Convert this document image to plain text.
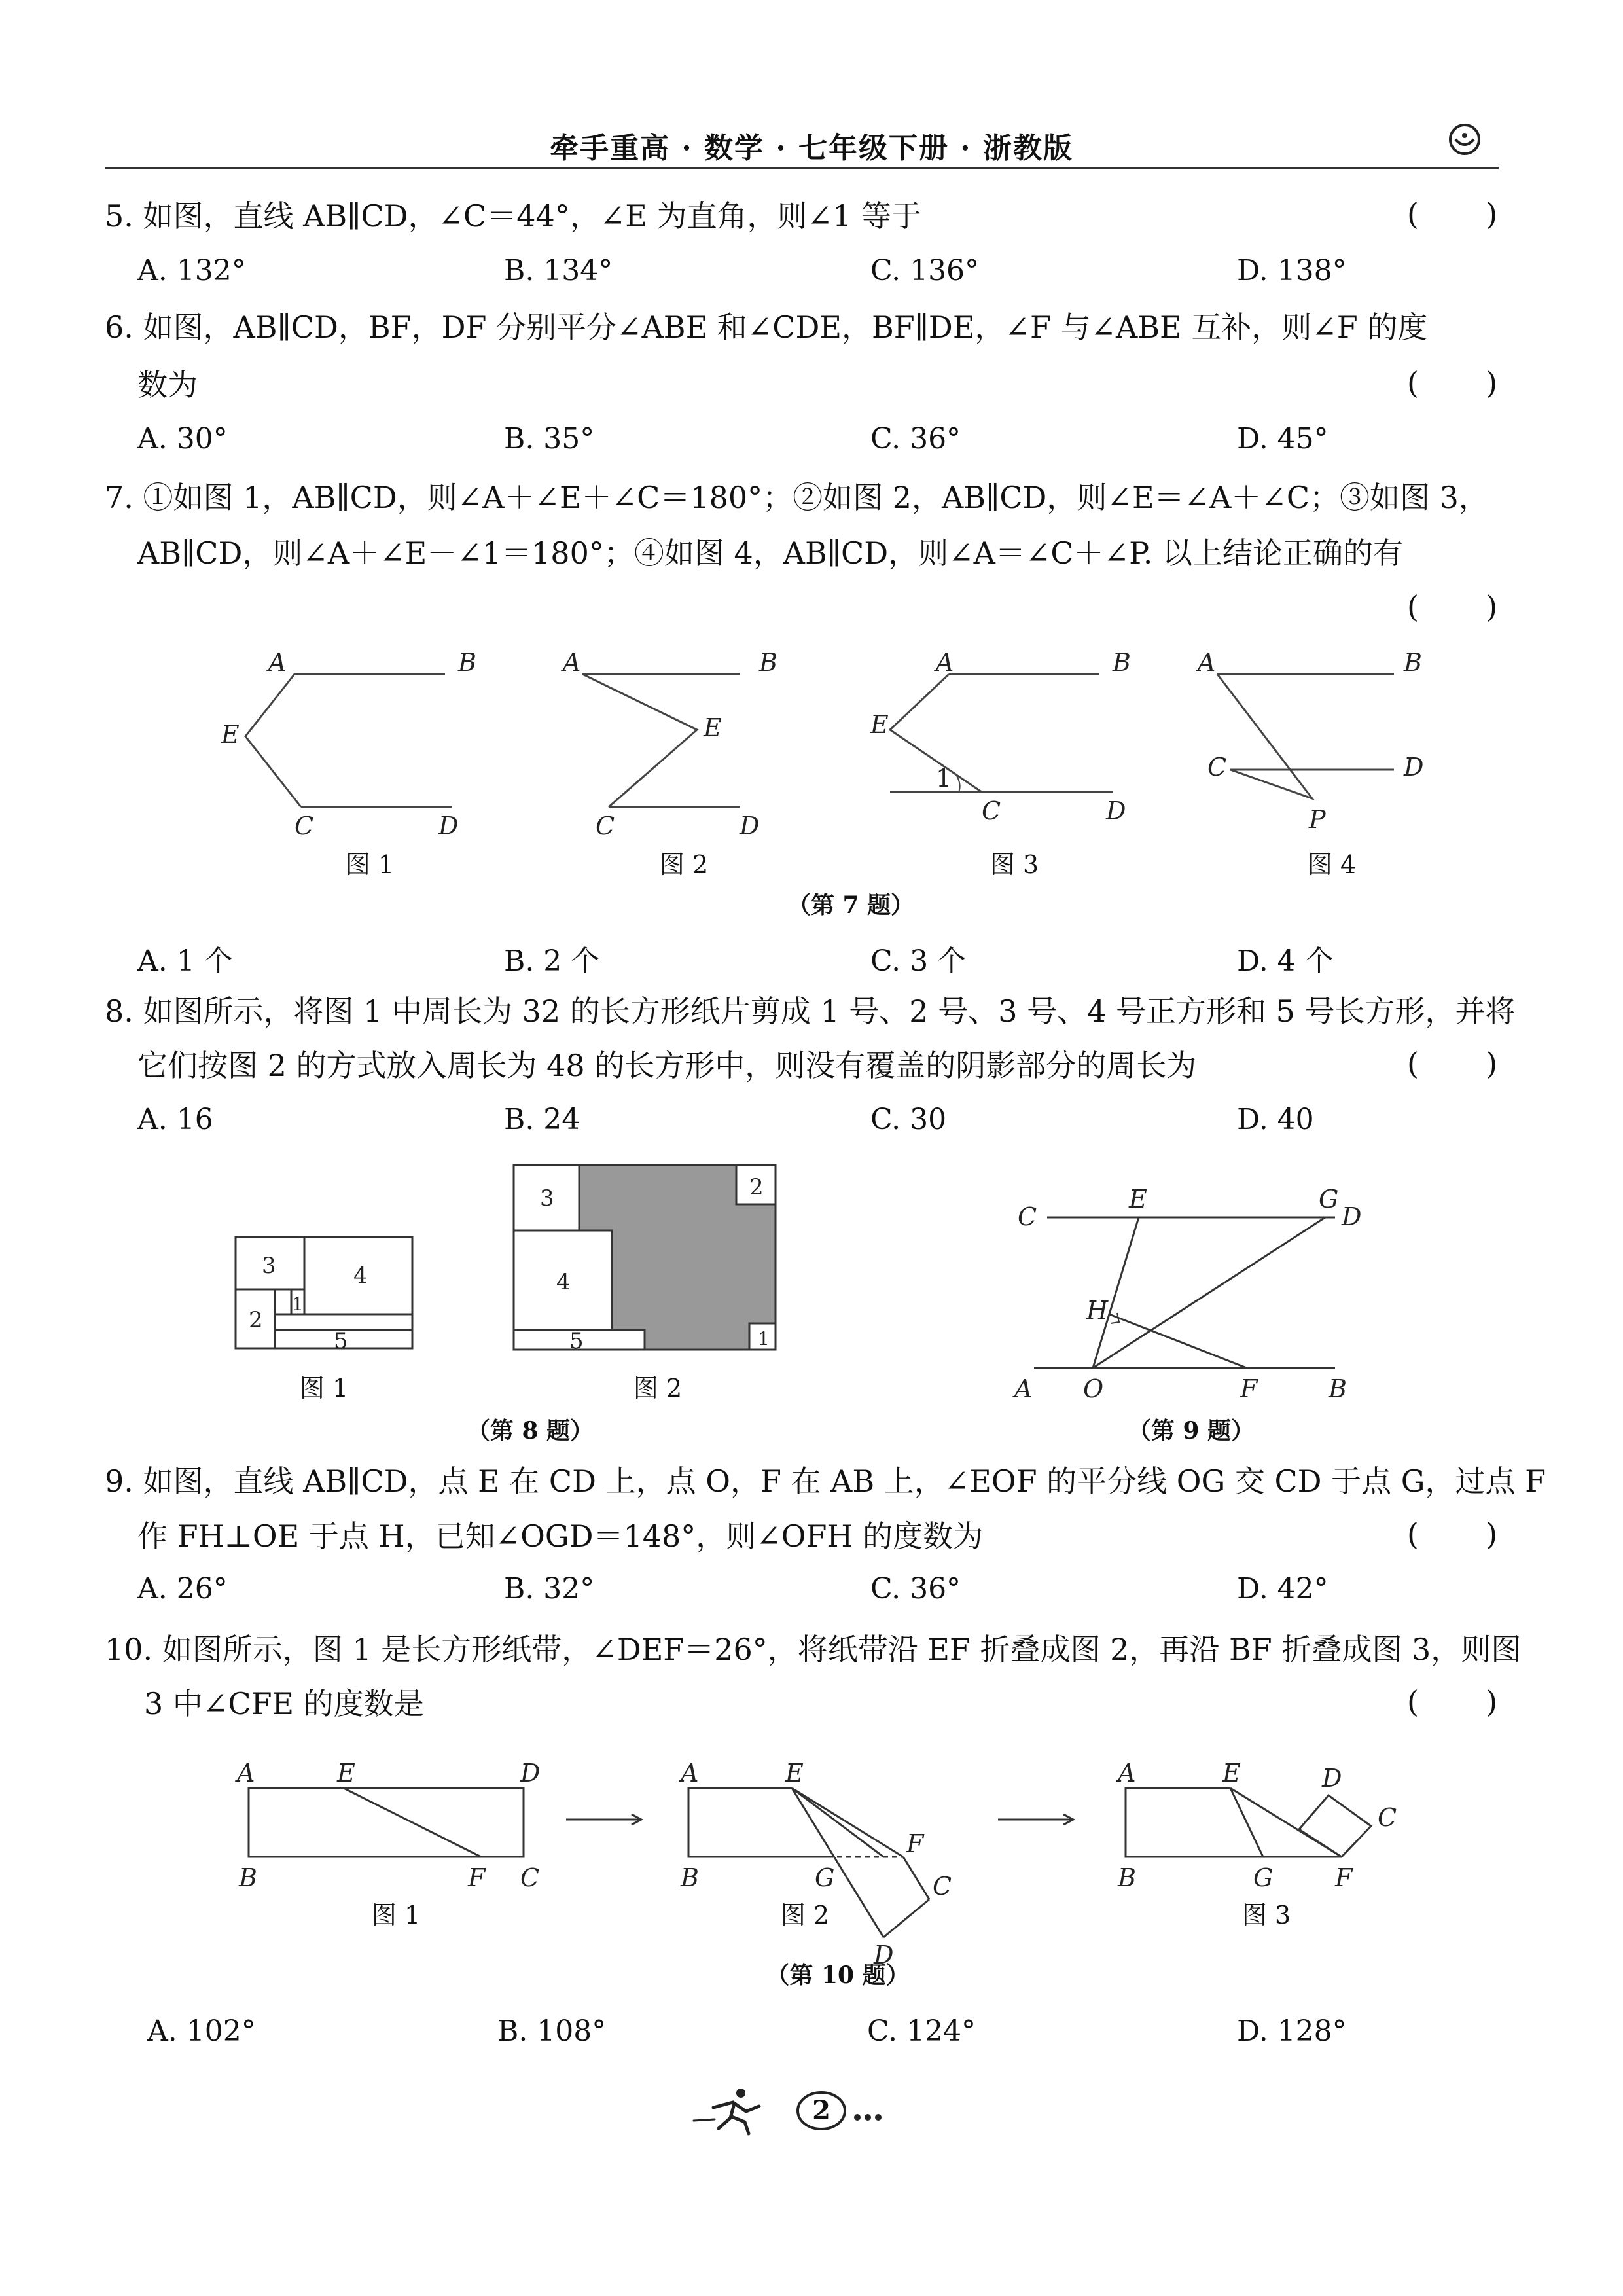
牵手重高 · 数学 · 七年级下册 · 浙教版
5. 如图，直线 AB∥CD，∠C＝44°，∠E 为直角，则∠1 等于	(       )
A. 132°	B. 134°	C. 136°	D. 138°
6. 如图，AB∥CD，BF，DF 分别平分∠ABE 和∠CDE，BF∥DE，∠F 与∠ABE 互补，则∠F 的度
数为	(       )
A. 30°	B. 35°	C. 36°	D. 45°
7. ①如图 1，AB∥CD，则∠A＋∠E＋∠C＝180°；②如图 2，AB∥CD，则∠E＝∠A＋∠C；③如图 3，
AB∥CD，则∠A＋∠E－∠1＝180°；④如图 4，AB∥CD，则∠A＝∠C＋∠P. 以上结论正确的有
(       )
A	B
E
C	D
A	B
E
C	D
A	B
E
1
C	D
A	B
C	D
P
图 1	图 2	图 3	图 4
（第 7 题）
A. 1 个	B. 2 个	C. 3 个	D. 4 个
8. 如图所示，将图 1 中周长为 32 的长方形纸片剪成 1 号、2 号、3 号、4 号正方形和 5 号长方形，并将
它们按图 2 的方式放入周长为 48 的长方形中，则没有覆盖的阴影部分的周长为	(       )
A. 16	B. 24	C. 30	D. 40
3	4
2
1
5
3
4
5
2
1
图 1	图 2
（第 8 题）
C
E	G
D
H
A O	F	B
（第 9 题）
9. 如图，直线 AB∥CD，点 E 在 CD 上，点 O，F 在 AB 上，∠EOF 的平分线 OG 交 CD 于点 G，过点 F
作 FH⊥OE 于点 H，已知∠OGD＝148°，则∠OFH 的度数为	(       )
A. 26°	B. 32°	C. 36°	D. 42°
10. 如图所示，图 1 是长方形纸带，∠DEF＝26°，将纸带沿 EF 折叠成图 2，再沿 BF 折叠成图 3，则图
3 中∠CFE 的度数是	(       )
A	E	D
B	F C
A	E
F
C
B	G
D
A	E	D
C
B	G F
图 1	图 2	图 3
（第 10 题）
A. 102°	B. 108°	C. 124°	D. 128°
2
